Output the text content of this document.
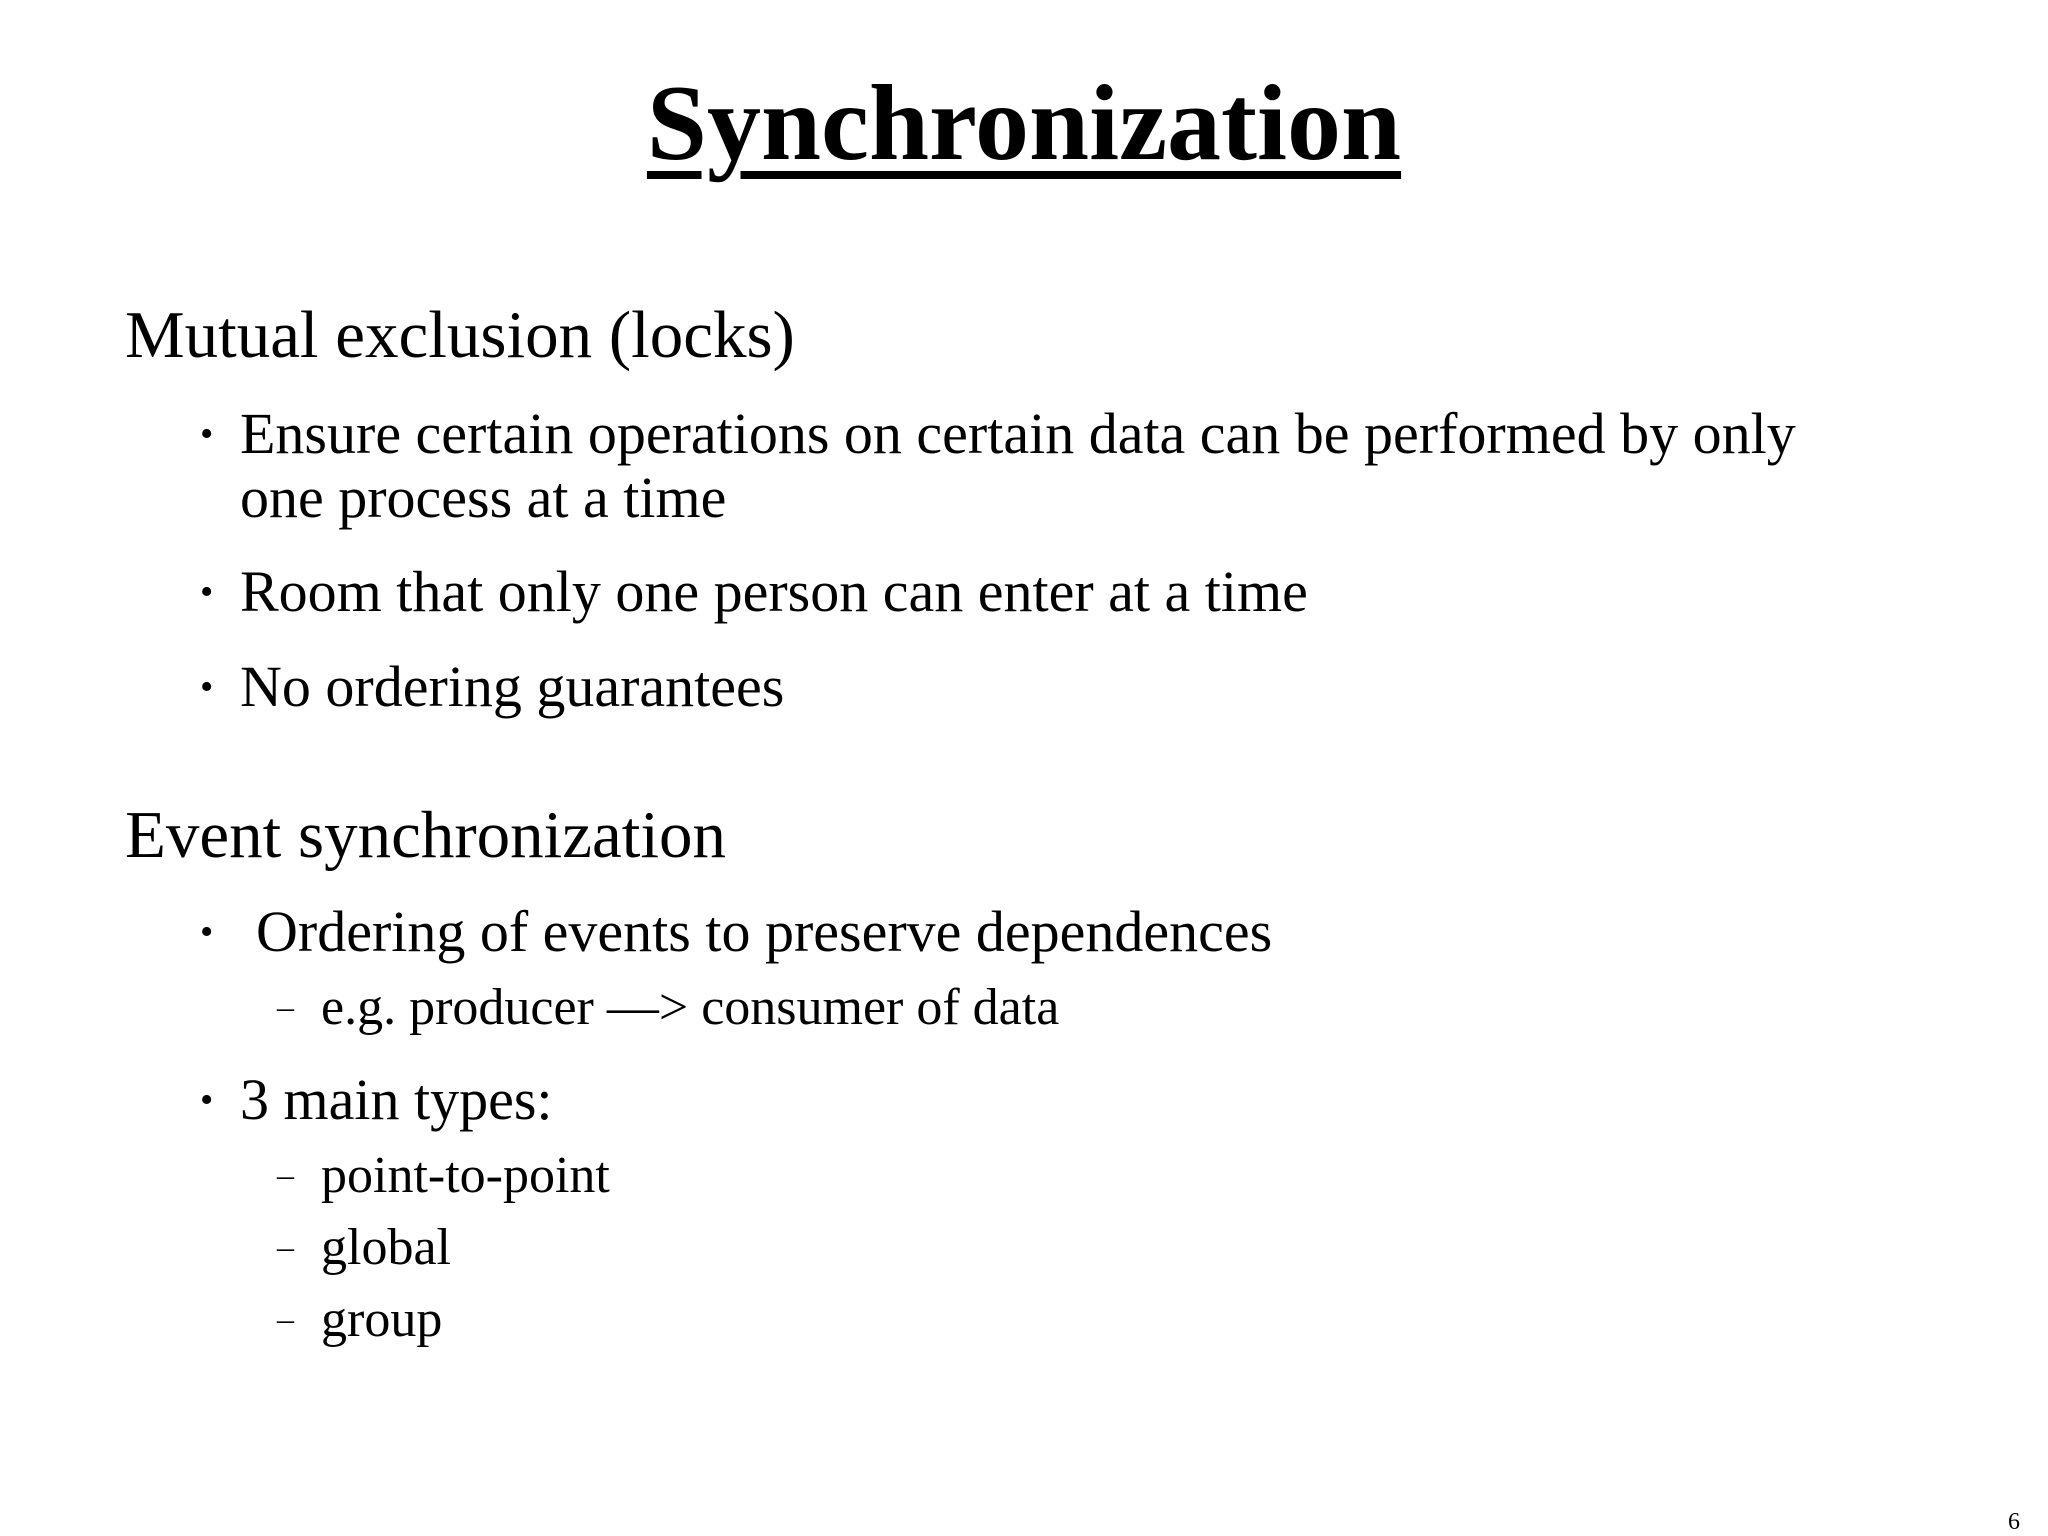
Synchronization
Mutual exclusion (locks)
• Ensure certain operations on certain data can be performed by only one process at a time
• Room that only one person can enter at a time
• No ordering guarantees
Event synchronization
• Ordering of events to preserve dependences
– e.g. producer —> consumer of data
• 3 main types:
– point-to-point
– global
– group
6
